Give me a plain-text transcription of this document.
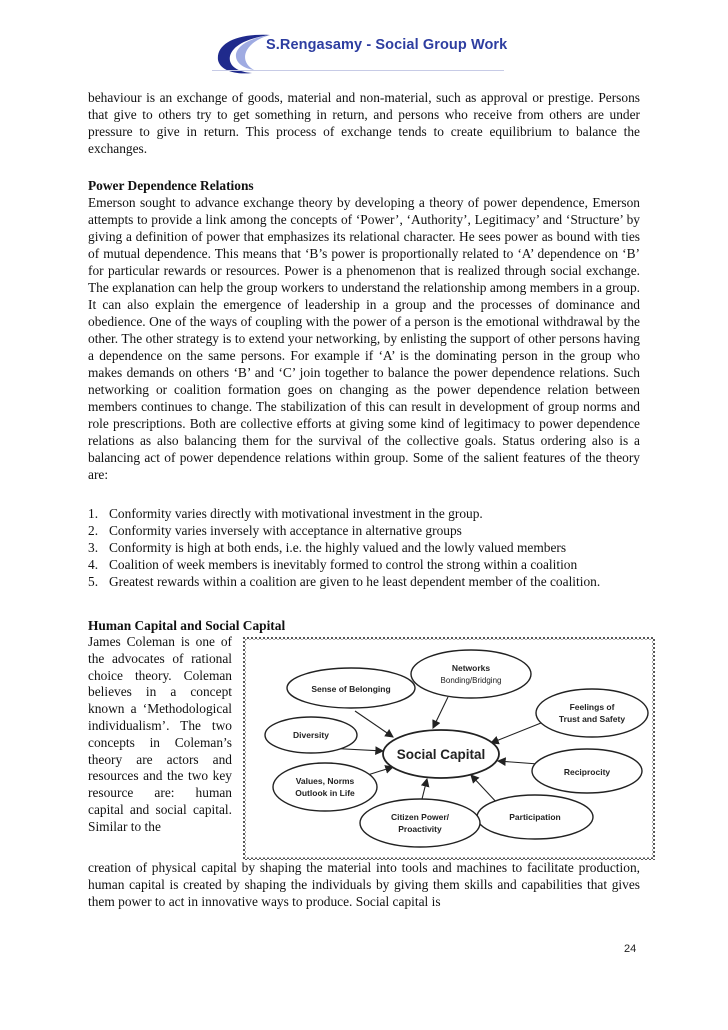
S.Rengasamy - Social Group Work

behaviour is an exchange of goods, material and non-material, such as approval or prestige. Persons that give to others try to get something in return, and persons who receive from others are under pressure to give in return. This process of exchange tends to create equilibrium to balance the exchanges.

Power Dependence Relations

Emerson sought to advance exchange theory by developing a theory of power dependence, Emerson attempts to provide a link among the concepts of ‘Power’, ‘Authority’, Legitimacy’ and ‘Structure’ by giving a definition of power that emphasizes its relational character. He sees power as bound with ties of mutual dependence. This means that ‘B’s power is proportionally related to ‘A’ dependence on ‘B’ for particular rewards or resources. Power is a phenomenon that is realized through social exchange. The explanation can help the group workers to understand the relationship among members in a group. It can also explain the emergence of leadership in a group and the processes of dominance and obedience. One of the ways of coupling with the power of a person is the emotional withdrawal by the other. The other strategy is to extend your networking, by enlisting the support of other persons having a dependence on the same persons. For example if ‘A’ is the dominating person in the group who makes demands on others ‘B’ and ‘C’ join together to balance the power dependence relations. Such networking or coalition formation goes on changing as the power dependence relation between members continues to change. The stabilization of this can result in development of group norms and role prescriptions. Both are collective efforts at giving some kind of legitimacy to power dependence relations as also balancing them for the survival of the collective goals. Status ordering also is a balancing act of power dependence relations within group. Some of the salient features of the theory are:

1. Conformity varies directly with motivational investment in the group.
2. Conformity varies inversely with acceptance in alternative groups
3. Conformity is high at both ends, i.e. the highly valued and the lowly valued members
4. Coalition of week members is inevitably formed to control the strong within a coalition
5. Greatest rewards within a coalition are given to he least dependent member of the coalition.
Human Capital and Social Capital

James Coleman is one of the advocates of rational choice theory. Coleman believes in a concept known a ‘Methodological individualism’. The two concepts in Coleman’s theory are actors and resources and the two key resource are: human capital and social capital. Similar to the

Social Capital
Sense of Belonging
Networks
Bonding/Bridging
Feelings of
Trust and Safety
Diversity
Reciprocity
Values, Norms
Outlook in Life
Participation
Citizen Power/
Proactivity

creation of physical capital by shaping the material into tools and machines to facilitate production, human capital is created by shaping the individuals by giving them skills and capabilities that gives them power to act in innovative ways to produce. Social capital is

24
